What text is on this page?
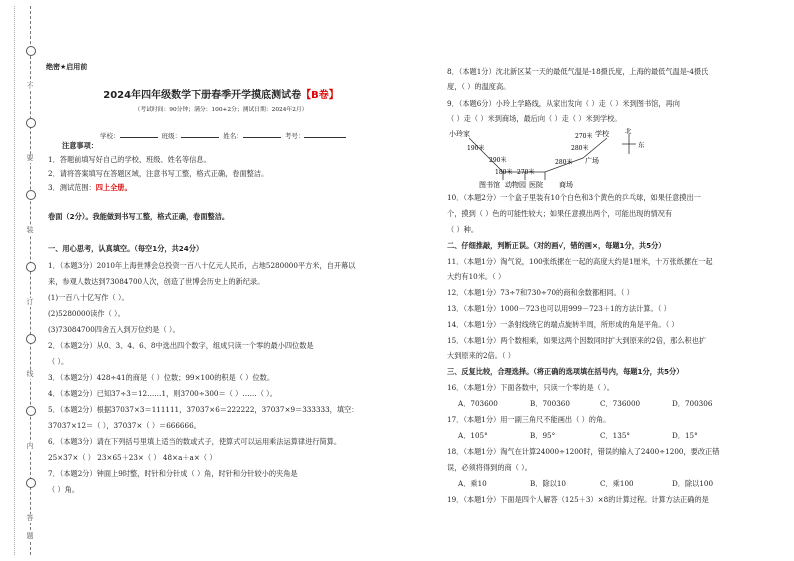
装
订
线
内
不
要
答
题
绝密★启用前
2024年四年级数学下册春季开学摸底测试卷【B卷】
（考试时间：90分钟；满分：100+2分；测试日期：2024年2月）
学校：	班级：	姓名：	考号：
注意事项：
1．答题前填写好自己的学校、班级、姓名等信息。
2．请将答案填写在答题区域，注意书写工整，格式正确，卷面整洁。
3．测试范围：四上全册。
卷面（2分）。我能做到书写工整，格式正确，卷面整洁。
一、用心思考，认真填空。（每空1分，共24分）
1．（本题3分）2010年上海世博会总投资一百八十亿元人民币，占地5280000平方米，自开幕以
来，参观人数达到73084700人次，创造了世博会历史上的新纪录。
(1)一百八十亿写作（ ）。
(2)5280000读作（ ）。
(3)73084700四舍五入到万位约是（ ）。
2．（本题2分）从0、3、4、6、8中选出四个数字，组成只读一个零的最小四位数是
（ ）。
3．（本题2分）428÷41的商是（ ）位数；99×100的积是（ ）位数。
4．（本题2分）已知37÷3＝12……1，则3700÷300＝（ ）……（ ）。
5．（本题2分）根据37037×3＝111111，37037×6＝222222，37037×9＝333333，填空：
37037×12＝（ ），37037×（ ）＝666666。
6．（本题3分）请在下列括号里填上适当的数或式子，使算式可以运用乘法运算律进行简算。
25×37×（ ） 23×65＋23×（ ） 48×a＋a×（ ）
7．（本题2分）钟面上9时整，时针和分针成（ ）角，时针和分针较小的夹角是
（ ）角。
8．（本题1分）沈北新区某一天的最低气温是-18摄氏度，上海的最低气温是-4摄氏
度，（ ）的温度高。
9．（本题6分）小玲上学路线，从家出发向（ ）走（ ）米到图书馆，再向
（ ）走（ ）米到商场，最后向（ ）走（ ）米到学校。
小玲家	学校
广场
图书馆 动物园 医院 商场
北
东
190米
290米
180米 270米
280米
280米
270米
10．（本题2分）一个盒子里装有10个白色和3个黄色的乒乓球，如果任意摸出一
个，摸到（ ）色的可能性较大；如果任意摸出两个，可能出现的情况有
（ ）种。
二、仔细推敲，判断正误。（对的画√，错的画×，每题1分，共5分）
11．（本题1分）淘气说，100张纸摞在一起的高度大约是1厘米，十万张纸摞在一起
大约有10米。（ ）
12．（本题1分）73÷7和730÷70的商和余数都相同。（ ）
13．（本题1分）1000－723也可以用999－723＋1的方法计算。（ ）
14．（本题1分）一条射线绕它的端点旋转半周，所形成的角是平角。（ ）
15．（本题1分）两个数相乘，如果这两个因数同时扩大到原来的2倍，那么积也扩
大到原来的2倍。（ ）
三、反复比较，合理选择。（将正确的选项填在括号内，每题1分，共5分）
16．（本题1分）下面各数中，只读一个零的是（ ）。
A．703600	B．700360	C．736000	D．700306
17．（本题1分）用一副三角尺不能画出（ ）的角。
A．105°	B．95°	C．135°	D．15°
18．（本题1分）淘气在计算24000÷1200时，错误的输入了2400÷1200，要改正错
误，必须将得到的商（ ）。
A．乘10	B．除以10	C．乘100	D．除以100
19．（本题1分）下面是四个人解答（125＋3）×8的计算过程。计算方法正确的是
